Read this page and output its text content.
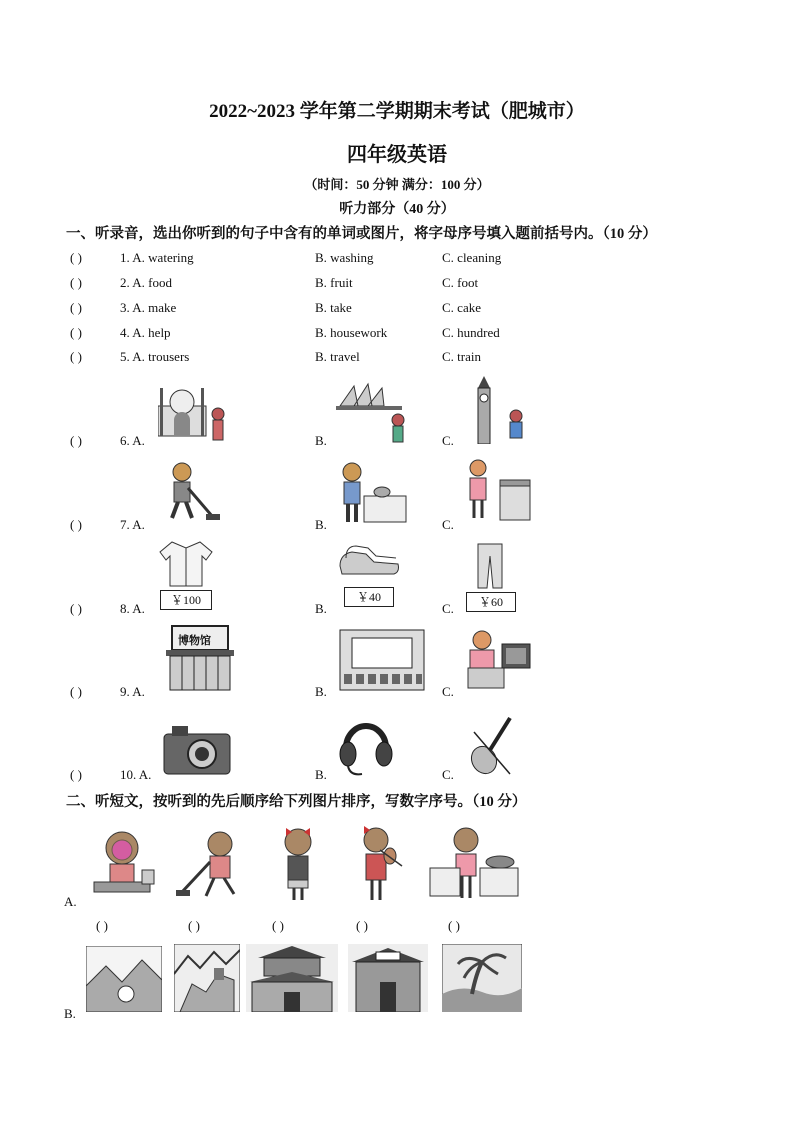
2022~2023 学年第二学期期末考试（肥城市）
四年级英语
（时间：50 分钟 满分：100 分）
听力部分（40 分）
一、听录音，选出你听到的句子中含有的单词或图片，将字母序号填入题前括号内。（10 分）
( )	1. A. watering	B. washing	C. cleaning
( )	2. A. food	B. fruit	C. foot
( )	3. A. make	B. take	C. cake
( )	4. A. help	B. housework	C. hundred
( )	5. A. trousers	B. travel	C. train
( )	6. A.	B.	C.
( )	7. A.	B.	C.
( )	8. A.
￥100
B.
￥40
C.	￥60
( )	9. A.
博物馆
B.	C.
( )	10. A.	B.	C.
二、听短文，按听到的先后顺序给下列图片排序，写数字序号。（10 分）
A.
( )	( )	( )	( )	( )
B.
